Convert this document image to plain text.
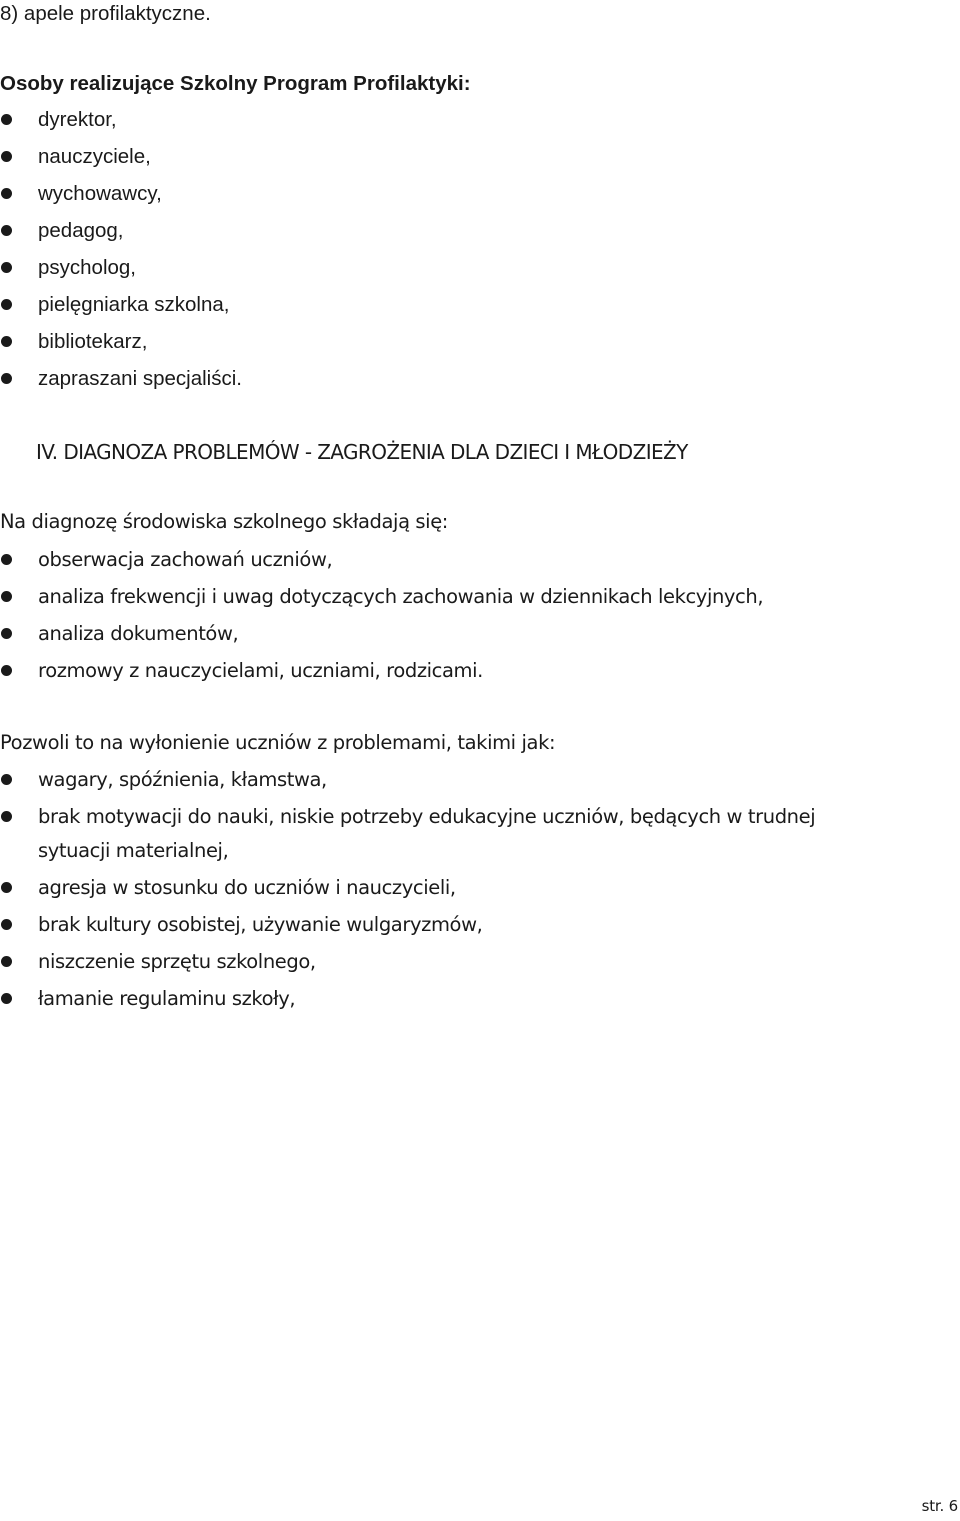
8) apele profilaktyczne.
Osoby realizujące Szkolny Program Profilaktyki:
dyrektor,
nauczyciele,
wychowawcy,
pedagog,
psycholog,
pielęgniarka szkolna,
bibliotekarz,
zapraszani specjaliści.
IV. DIAGNOZA PROBLEMÓW - ZAGROŻENIA DLA DZIECI I MŁODZIEŻY
Na diagnozę środowiska szkolnego składają się:
obserwacja zachowań uczniów,
analiza frekwencji i uwag dotyczących zachowania w dziennikach lekcyjnych,
analiza dokumentów,
rozmowy z nauczycielami, uczniami, rodzicami.
Pozwoli to na wyłonienie uczniów z problemami, takimi jak:
wagary, spóźnienia, kłamstwa,
brak motywacji do nauki, niskie potrzeby edukacyjne uczniów, będących w trudnej
sytuacji materialnej,
agresja w stosunku do uczniów i nauczycieli,
brak kultury osobistej, używanie wulgaryzmów,
niszczenie sprzętu szkolnego,
łamanie regulaminu szkoły,
str. 6
